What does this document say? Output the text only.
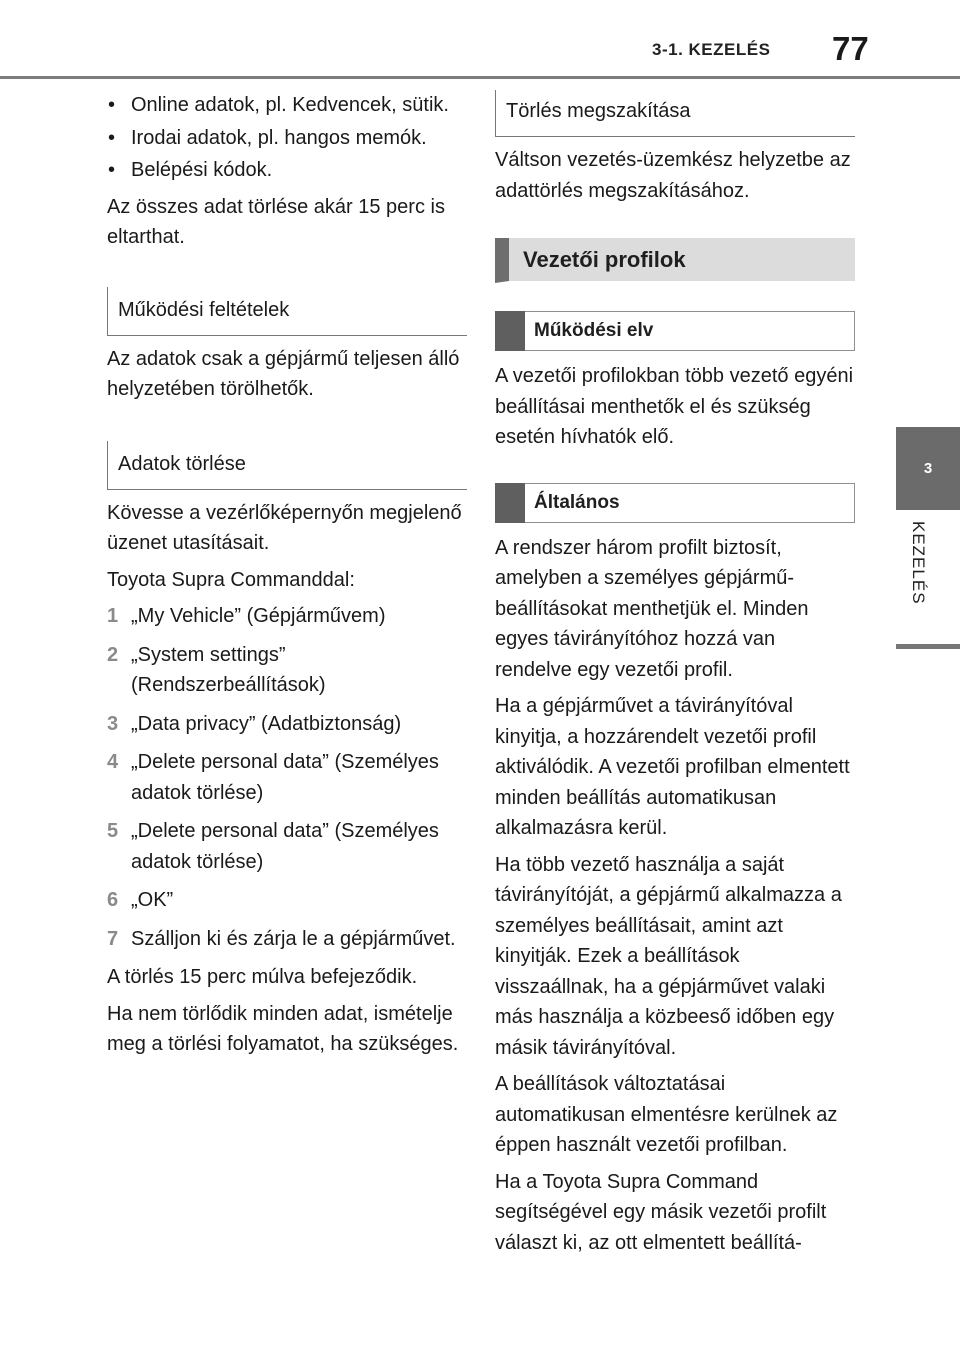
3-1. KEZELÉS 77
3
KEZELÉS

• Online adatok, pl. Kedvencek, sütik.

• Irodai adatok, pl. hangos memók.

• Belépési kódok.

Az összes adat törlése akár 15 perc is eltarthat.

Működési feltételek

Az adatok csak a gépjármű teljesen álló helyzetében törölhetők.

Adatok törlése

Kövesse a vezérlőképernyőn megjelenő üzenet utasításait.

Toyota Supra Commanddal:

1 „My Vehicle” (Gépjárművem)

2 „System settings” (Rendszerbeállítások)

3 „Data privacy” (Adatbiztonság)

4 „Delete personal data” (Személyes adatok törlése)

5 „Delete personal data” (Személyes adatok törlése)

6 „OK”

7 Szálljon ki és zárja le a gépjárművet.

A törlés 15 perc múlva befejeződik.

Ha nem törlődik minden adat, ismételje meg a törlési folyamatot, ha szükséges.

Törlés megszakítása

Váltson vezetés-üzemkész helyzetbe az adattörlés megszakításához.

Vezetői profilok
Működési elv

A vezetői profilokban több vezető egyéni beállításai menthetők el és szükség esetén hívhatók elő.

Általános

A rendszer három profilt biztosít, amelyben a személyes gépjármű-beállításokat menthetjük el. Minden egyes távirányítóhoz hozzá van rendelve egy vezetői profil.

Ha a gépjárművet a távirányítóval kinyitja, a hozzárendelt vezetői profil aktiválódik. A vezetői profilban elmentett minden beállítás automatikusan alkalmazásra kerül.

Ha több vezető használja a saját távirányítóját, a gépjármű alkalmazza a személyes beállításait, amint azt kinyitják. Ezek a beállítások visszaállnak, ha a gépjárművet valaki más használja a közbeeső időben egy másik távirányítóval.

A beállítások változtatásai automatikusan elmentésre kerülnek az éppen használt vezetői profilban.

Ha a Toyota Supra Command segítségével egy másik vezetői profilt választ ki, az ott elmentett beállítá-
